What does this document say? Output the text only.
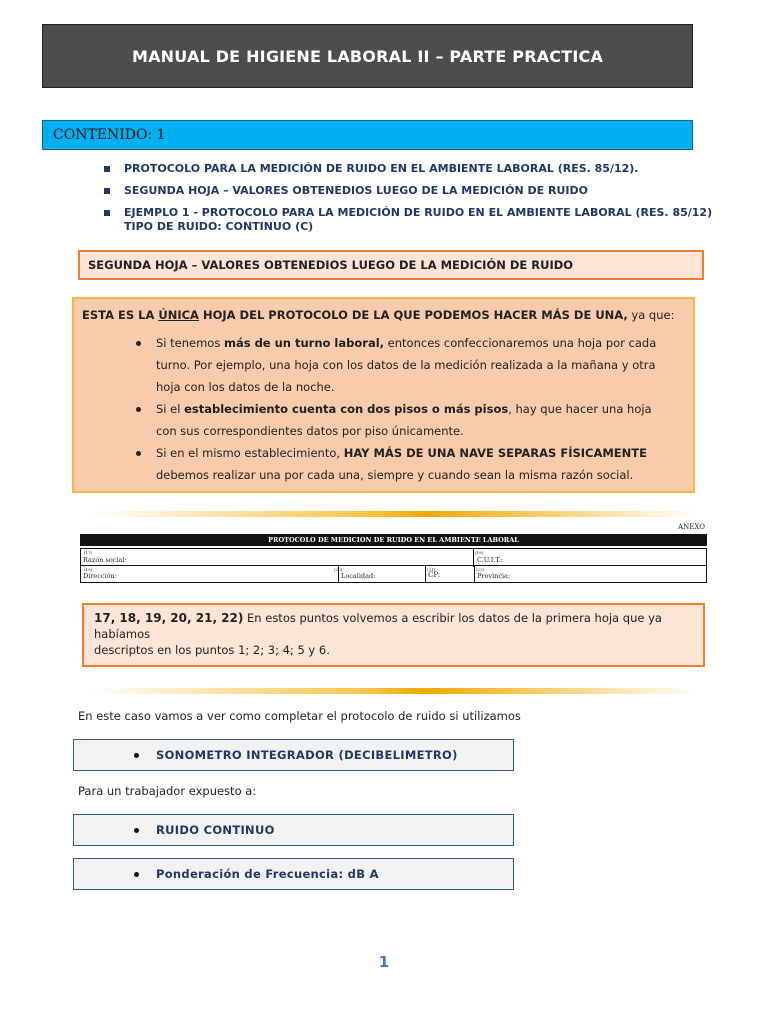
MANUAL DE HIGIENE LABORAL II – PARTE PRACTICA
CONTENIDO: 1
PROTOCOLO PARA LA MEDICIÓN DE RUIDO EN EL AMBIENTE LABORAL (RES. 85/12).
SEGUNDA HOJA – VALORES OBTENEDIOS LUEGO DE LA MEDICIÓN DE RUIDO
EJEMPLO 1 - PROTOCOLO PARA LA MEDICIÓN DE RUIDO EN EL AMBIENTE LABORAL (RES. 85/12)
TIPO DE RUIDO: CONTINUO (C)
SEGUNDA HOJA – VALORES OBTENEDIOS LUEGO DE LA MEDICIÓN DE RUIDO

ESTA ES LA ÚNICA HOJA DEL PROTOCOLO DE LA QUE PODEMOS HACER MÁS DE UNA, ya que:

Si tenemos más de un turno laboral, entonces confeccionaremos una hoja por cada
turno. Por ejemplo, una hoja con los datos de la medición realizada a la mañana y otra
hoja con los datos de la noche.
Si el establecimiento cuenta con dos pisos o más pisos, hay que hacer una hoja
con sus correspondientes datos por piso únicamente.
Si en el mismo establecimiento, HAY MÁS DE UNA NAVE SEPARAS FÍSICAMENTE
debemos realizar una por cada una, siempre y cuando sean la misma razón social.
ANEXO
PROTOCOLO DE MEDICION DE RUIDO EN EL AMBIENTE LABORAL
(17)
Razón social:
(18)
C.U.I.T.:
(19)
Dirección:
(20)
Localidad:
(21)
CP:
(22)
Provincia:
17, 18, 19, 20, 21, 22) En estos puntos volvemos a escribir los datos de la primera hoja que ya habíamos
descriptos en los puntos 1; 2; 3; 4; 5 y 6.

En este caso vamos a ver como completar el protocolo de ruido si utilizamos

SONOMETRO INTEGRADOR (DECIBELIMETRO)

Para un trabajador expuesto a:

RUIDO CONTINUO
Ponderación de Frecuencia: dB A
1
